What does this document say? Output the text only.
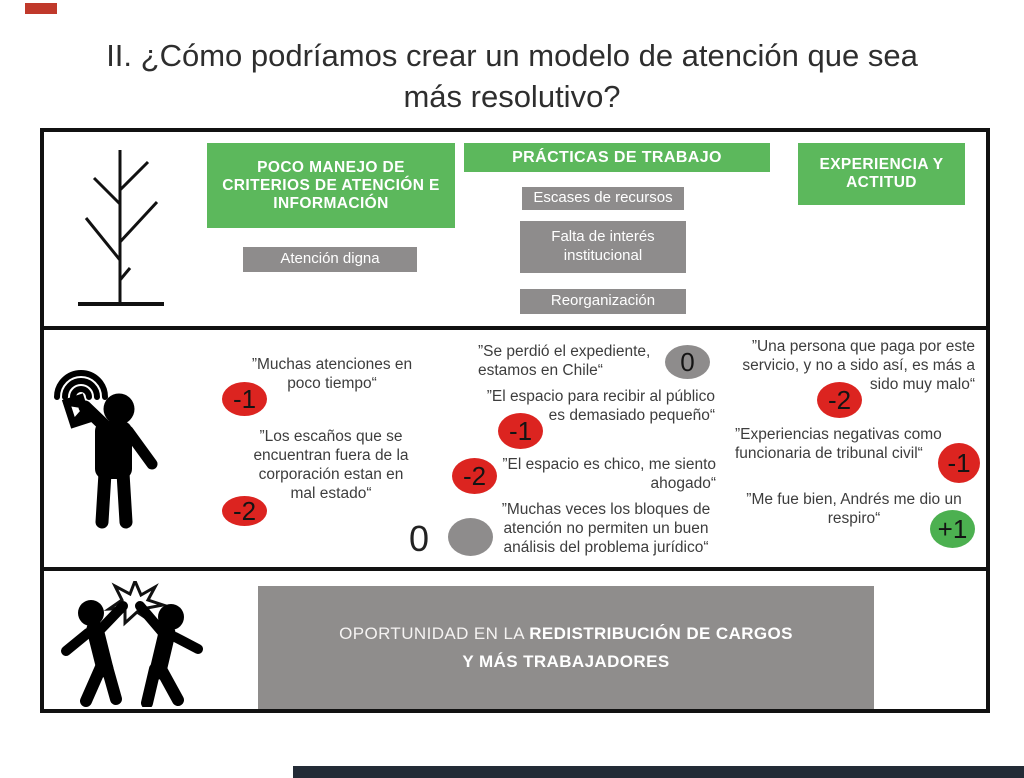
II. ¿Cómo podríamos crear un modelo de atención que sea
más resolutivo?
POCO MANEJO DE CRITERIOS DE ATENCIÓN E INFORMACIÓN
Atención digna
PRÁCTICAS DE TRABAJO
Escases de recursos
Falta de interés institucional
Reorganización
EXPERIENCIA Y ACTITUD
”Muchas atenciones en poco tiempo“
-1
”Los escaños que se encuentran fuera de la corporación estan en mal estado“
-2
0
”Se perdió el expediente, estamos en Chile“	0
”El espacio para recibir al público es demasiado pequeño“
-1
”El espacio es chico, me siento ahogado“
-2
”Muchas veces los bloques de atención no permiten un buen análisis del problema jurídico“
”Una persona que paga por este servicio, y no a sido así, es más a sido muy malo“
-2
”Experiencias negativas como funcionaria de tribunal civil“ -1
”Me fue bien, Andrés me dio un respiro“	+1
OPORTUNIDAD EN LA REDISTRIBUCIÓN DE CARGOS
Y MÁS TRABAJADORES
